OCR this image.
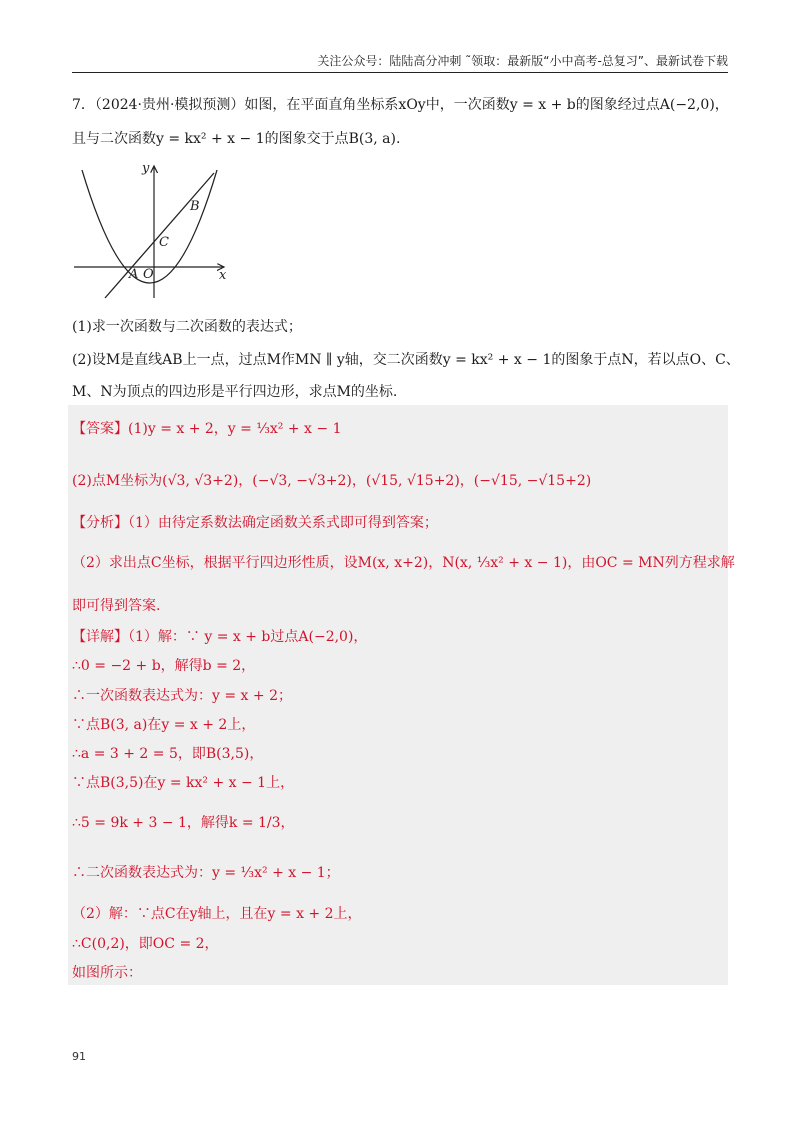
关注公众号：陆陆高分冲刺 ˜领取：最新版“小中高考-总复习”、最新试卷下载
7．（2024·贵州·模拟预测）如图，在平面直角坐标系xOy中，一次函数y = x + b的图象经过点A(−2,0)，
且与二次函数y = kx² + x − 1的图象交于点B(3, a).
x
y
A O
C
B
(1)求一次函数与二次函数的表达式；
(2)设M是直线AB上一点，过点M作MN ∥ y轴，交二次函数y = kx² + x − 1的图象于点N，若以点O、C、
M、N为顶点的四边形是平行四边形，求点M的坐标.
【答案】(1)y = x + 2，y = ⅓x² + x − 1
(2)点M坐标为(√3, √3+2)，(−√3, −√3+2)，(√15, √15+2)，(−√15, −√15+2)
【分析】（1）由待定系数法确定函数关系式即可得到答案；
（2）求出点C坐标，根据平行四边形性质，设M(x, x+2)，N(x, ⅓x² + x − 1)，由OC = MN列方程求解
即可得到答案.
【详解】（1）解：∵ y = x + b过点A(−2,0)，
∴0 = −2 + b，解得b = 2，
∴一次函数表达式为：y = x + 2；
∵点B(3, a)在y = x + 2上，
∴a = 3 + 2 = 5，即B(3,5)，
∵点B(3,5)在y = kx² + x − 1上，
∴5 = 9k + 3 − 1，解得k = 1/3，
∴二次函数表达式为：y = ⅓x² + x − 1；
（2）解：∵点C在y轴上，且在y = x + 2上，
∴C(0,2)，即OC = 2，
如图所示：
91
